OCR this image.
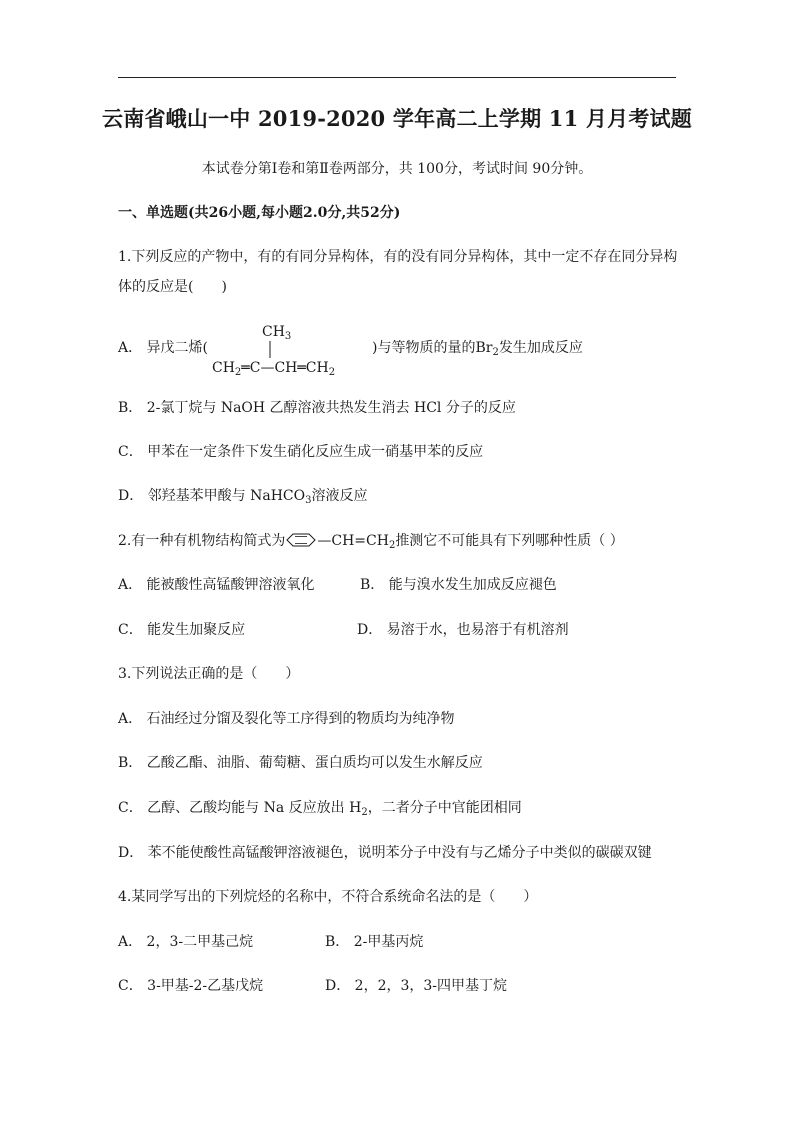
云南省峨山一中 2019-2020 学年高二上学期 11 月月考试题
本试卷分第Ⅰ卷和第Ⅱ卷两部分，共 100分，考试时间 90分钟。
一、单选题(共26小题,每小题2.0分,共52分)
1.下列反应的产物中，有的有同分异构体，有的没有同分异构体，其中一定不存在同分异构
体的反应是(　　)
A． 异戊二烯(
$CH_3$
$CH_2═C—CH═CH_2$
)与等物质的量的$Br_2$发生加成反应
B． 2-氯丁烷与 NaOH 乙醇溶液共热发生消去 HCl 分子的反应
C． 甲苯在一定条件下发生硝化反应生成一硝基甲苯的反应
D． 邻羟基苯甲酸与 NaHCO$_3$溶液反应
2.有一种有机物结构简式为 $—CH=CH_2$推测它不可能具有下列哪种性质（ ）
A． 能被酸性高锰酸钾溶液氧化	B． 能与溴水发生加成反应褪色
C． 能发生加聚反应	D． 易溶于水，也易溶于有机溶剂
3.下列说法正确的是（　　）
A． 石油经过分馏及裂化等工序得到的物质均为纯净物
B． 乙酸乙酯、油脂、葡萄糖、蛋白质均可以发生水解反应
C． 乙醇、乙酸均能与 Na 反应放出 $H_2$，二者分子中官能团相同
D． 苯不能使酸性高锰酸钾溶液褪色，说明苯分子中没有与乙烯分子中类似的碳碳双键
4.某同学写出的下列烷烃的名称中，不符合系统命名法的是（　　）
A． 2，3-二甲基己烷	B． 2-甲基丙烷
C． 3-甲基-2-乙基戊烷	D． 2，2，3，3-四甲基丁烷
